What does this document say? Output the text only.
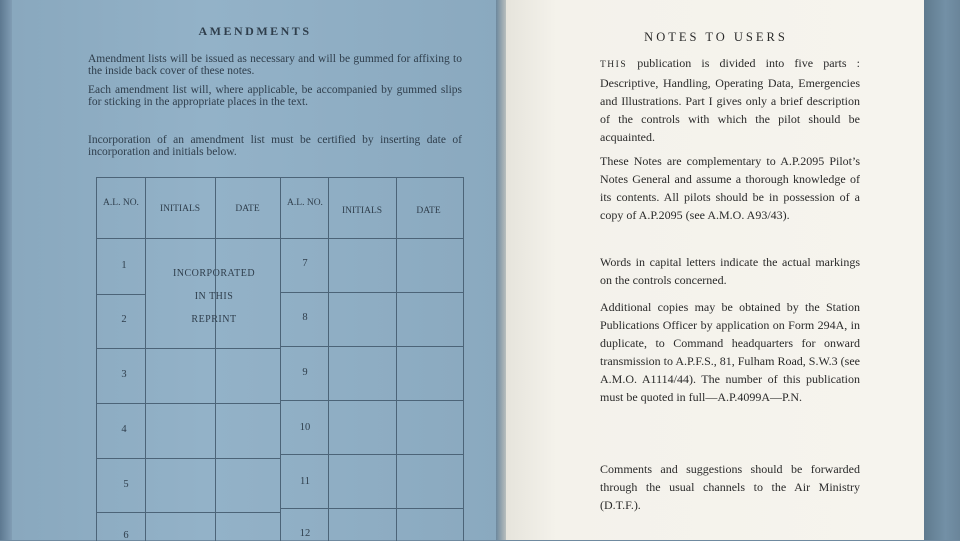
AMENDMENTS
Amendment lists will be issued as necessary and will be gummed for affixing to the inside back cover of these notes.
Each amendment list will, where applicable, be accompanied by gummed slips for sticking in the appropriate places in the text.
Incorporation of an amendment list must be certified by inserting date of incorporation and initials below.
A.L. NO.
INITIALS	DATE
A.L. NO.
INITIALS	DATE
1
2
3
4
5
6
7
8
9
10
11
12
INCORPORATED
IN THIS
REPRINT
NOTES TO USERS
THIS publication is divided into five parts : Descriptive, Handling, Operating Data, Emergencies and Illustrations. Part I gives only a brief description of the controls with which the pilot should be acquainted.
These Notes are complementary to A.P.2095 Pilot’s Notes General and assume a thorough knowledge of its contents. All pilots should be in possession of a copy of A.P.2095 (see A.M.O. A93/43).
Words in capital letters indicate the actual markings on the controls concerned.
Additional copies may be obtained by the Station Publications Officer by application on Form 294A, in duplicate, to Command headquarters for onward transmission to A.P.F.S., 81, Fulham Road, S.W.3 (see A.M.O. A1114/44). The number of this publication must be quoted in full—A.P.4099A—P.N.
Comments and suggestions should be forwarded through the usual channels to the Air Ministry (D.T.F.).
